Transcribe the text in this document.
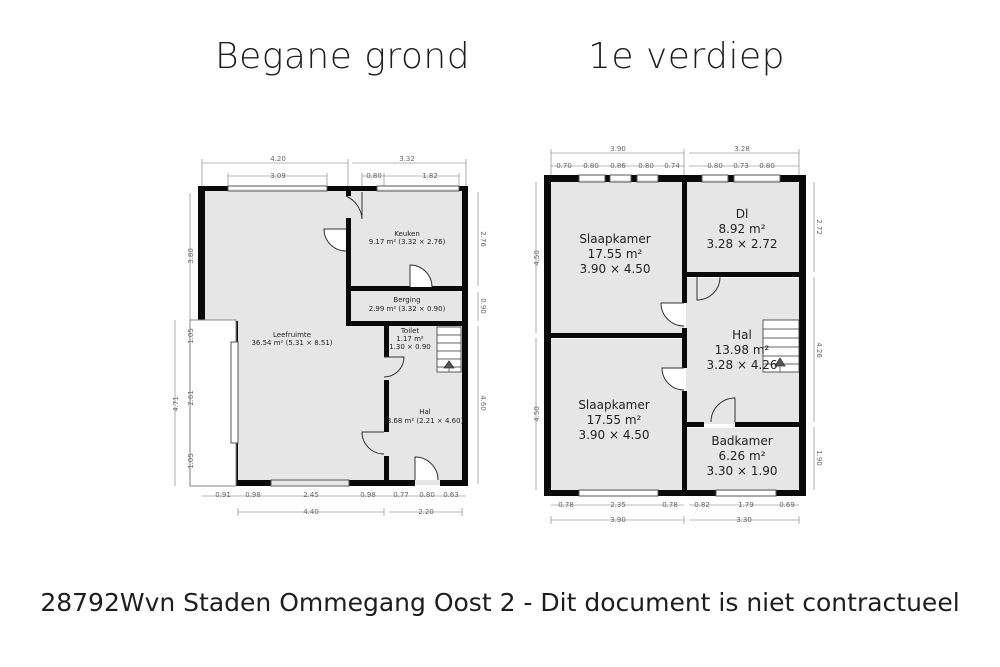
Begane grond	1e verdiep
4.20	3.32
3.09	0.80	1.82
3.80
4.71
1.05
2.61
1.05
2.76
0.90
4.60
0.91 0.98	2.45	0.98 0.77 0.80 0.63
4.40	2.20
Leefruimte
36.54 m² (5.31 × 8.51)
Keuken
9.17 m² (3.32 × 2.76)
Berging
2.99 m² (3.32 × 0.90)
Toilet
1.17 m²
1.30 × 0.90
Hal
8.68 m² (2.21 × 4.60)
3.90	3.28
0.70 0.80 0.86 0.80 0.74	0.80 0.73 0.80
4.50
4.50
2.72
4.26
1.90
0.78	2.35	0.78 0.82	1.79	0.69
3.90	3.30
Slaapkamer
17.55 m²
3.90 × 4.50
Dl
8.92 m²
3.28 × 2.72
Hal
13.98 m²
3.28 × 4.26
Slaapkamer
17.55 m²
3.90 × 4.50	Badkamer
6.26 m²
3.30 × 1.90
28792Wvn Staden Ommegang Oost 2 - Dit document is niet contractueel
